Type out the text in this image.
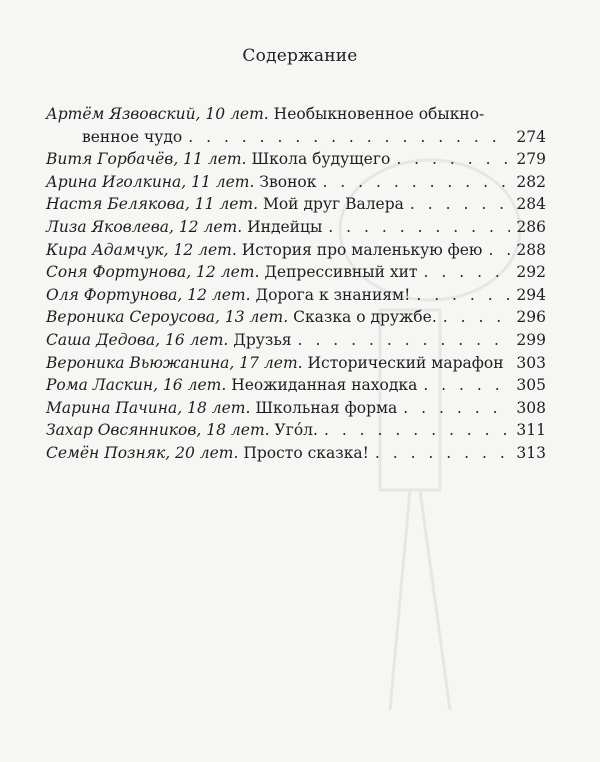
Содержание
Артём Язвовский, 10 лет.
Необыкновенное обыкно-
венное чудо . . .	274
Витя Горбачёв, 11 лет.
Школа будущего . . .	279
Арина Иголкина, 11 лет.
Звонок . . .	282
Настя Белякова, 11 лет.
Мой друг Валера . . .	284
Лиза Яковлева, 12 лет.
Индейцы . . .	286
Кира Адамчук, 12 лет.
История про маленькую фею . . . 288
Соня Фортунова, 12 лет.
Депрессивный хит . . .	292
Оля Фортунова, 12 лет.
Дорога к знаниям! . . .	294
Вероника Сероусова, 13 лет.
Сказка о дружбе. . . .	296
Саша Дедова, 16 лет.
Друзья . . .	299
Вероника Вьюжанина, 17 лет.
Исторический марафон . . . 303
Рома Ласкин, 16 лет.
Неожиданная находка . . .	305
Марина Пачина, 18 лет.
Школьная форма . . .	308
Захар Овсянников, 18 лет.
Угóл. . . .	311
Семён Позняк, 20 лет.
Просто сказка! . . .	313
